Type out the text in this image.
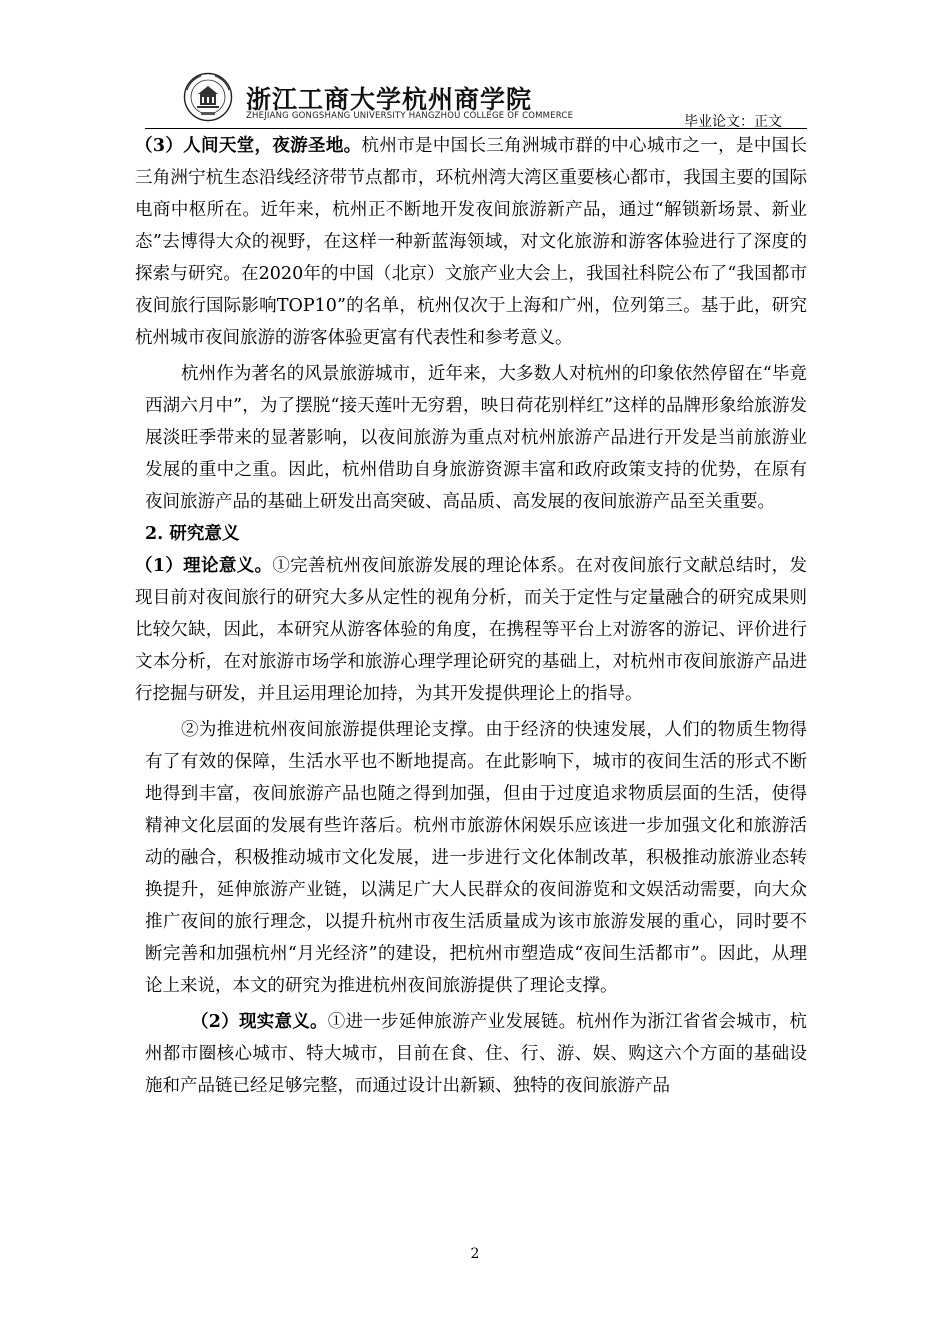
浙江工商大学杭州商学院
ZHEJIANG GONGSHANG UNIVERSITY HANGZHOU COLLEGE OF COMMERCE	毕业论文：正文

（3）人间天堂，夜游圣地。杭州市是中国长三角洲城市群的中心城市之一，是中国长三角洲宁杭生态沿线经济带节点都市，环杭州湾大湾区重要核心都市，我国主要的国际电商中枢所在。近年来，杭州正不断地开发夜间旅游新产品，通过“解锁新场景、新业态”去博得大众的视野，在这样一种新蓝海领域，对文化旅游和游客体验进行了深度的探索与研究。在2020年的中国（北京）文旅产业大会上，我国社科院公布了“我国都市夜间旅行国际影响TOP10”的名单，杭州仅次于上海和广州，位列第三。基于此，研究杭州城市夜间旅游的游客体验更富有代表性和参考意义。

杭州作为著名的风景旅游城市，近年来，大多数人对杭州的印象依然停留在“毕竟西湖六月中”，为了摆脱“接天莲叶无穷碧，映日荷花别样红”这样的品牌形象给旅游发展淡旺季带来的显著影响，以夜间旅游为重点对杭州旅游产品进行开发是当前旅游业发展的重中之重。因此，杭州借助自身旅游资源丰富和政府政策支持的优势，在原有夜间旅游产品的基础上研发出高突破、高品质、高发展的夜间旅游产品至关重要。

2. 研究意义

（1）理论意义。①完善杭州夜间旅游发展的理论体系。在对夜间旅行文献总结时，发现目前对夜间旅行的研究大多从定性的视角分析，而关于定性与定量融合的研究成果则比较欠缺，因此，本研究从游客体验的角度，在携程等平台上对游客的游记、评价进行文本分析，在对旅游市场学和旅游心理学理论研究的基础上，对杭州市夜间旅游产品进行挖掘与研发，并且运用理论加持，为其开发提供理论上的指导。

②为推进杭州夜间旅游提供理论支撑。由于经济的快速发展，人们的物质生物得有了有效的保障，生活水平也不断地提高。在此影响下，城市的夜间生活的形式不断地得到丰富，夜间旅游产品也随之得到加强，但由于过度追求物质层面的生活，使得精神文化层面的发展有些许落后。杭州市旅游休闲娱乐应该进一步加强文化和旅游活动的融合，积极推动城市文化发展，进一步进行文化体制改革，积极推动旅游业态转换提升，延伸旅游产业链，以满足广大人民群众的夜间游览和文娱活动需要，向大众推广夜间的旅行理念，以提升杭州市夜生活质量成为该市旅游发展的重心，同时要不断完善和加强杭州“月光经济”的建设，把杭州市塑造成“夜间生活都市”。因此，从理论上来说，本文的研究为推进杭州夜间旅游提供了理论支撑。

（2）现实意义。①进一步延伸旅游产业发展链。杭州作为浙江省省会城市，杭州都市圈核心城市、特大城市，目前在食、住、行、游、娱、购这六个方面的基础设施和产品链已经足够完整，而通过设计出新颖、独特的夜间旅游产品

2
